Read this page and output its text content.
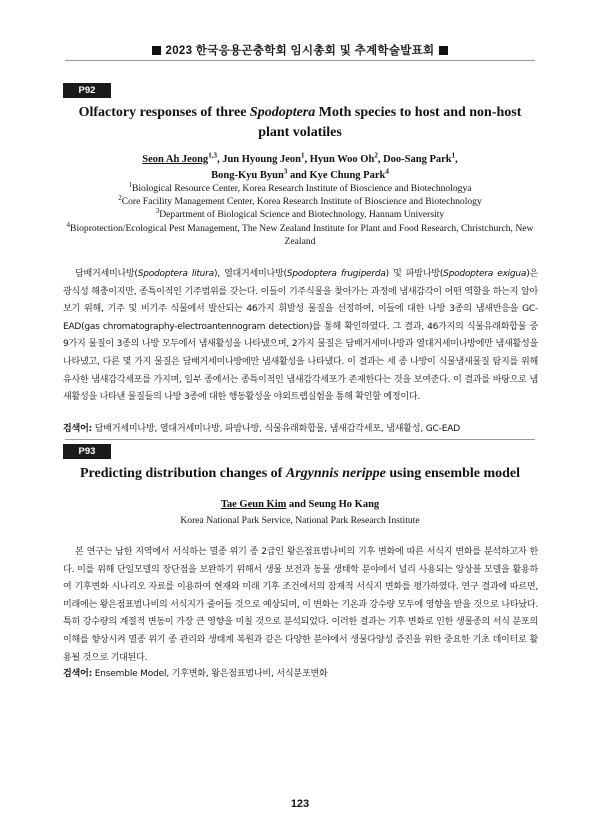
2023 한국응용곤충학회 임시총회 및 추계학술발표회
P92
Olfactory responses of three Spodoptera Moth species to host and non-host plant volatiles
Seon Ah Jeong$^{1,3}$, Jun Hyoung Jeon$^1$, Hyun Woo Oh$^2$, Doo-Sang Park$^1$,
Bong-Kyu Byun$^3$ and Kye Chung Park$^4$
$^1$Biological Resource Center, Korea Research Institute of Bioscience and Biotechnologya
$^2$Core Facility Management Center, Korea Research Institute of Bioscience and Biotechnology
$^3$Department of Biological Science and Biotechnology, Hannam University
$^4$Bioprotection/Ecological Pest Management, The New Zealand Institute for Plant and Food Research, Christchurch, New Zealand
담배거세미나방(Spodoptera litura), 열대거세미나방(Spodoptera frugiperda) 및 파밤나방(Spodoptera exigua)은 광식성 해충이지만, 종특이적인 기주범위를 갖는다. 이들이 기주식물을 찾아가는 과정에 냄새감각이 어떤 역할을 하는지 알아보기 위해, 기주 및 비기주 식물에서 발산되는 46가지 휘발성 물질을 선정하여, 이들에 대한 나방 3종의 냄새반응을 GC-EAD(gas chromatography-electroantennogram detection)를 통해 확인하였다. 그 결과, 46가지의 식물유래화합물 중 9가지 물질이 3종의 나방 모두에서 냄새활성을 나타냈으며, 2가지 물질은 담배거세미나방과 열대거세미나방에만 냄새활성을 나타냈고, 다른 몇 가지 물질은 담배거세미나방에만 냄새활성을 나타냈다. 이 결과는 세 종 나방이 식물냄새물질 탐지를 위해 유사한 냄새감각세포를 가지며, 일부 종에서는 종특이적인 냄새감각세포가 존재한다는 것을 보여준다. 이 결과를 바탕으로 냄새활성을 나타낸 물질들의 나방 3종에 대한 행동활성을 야외트랩실험을 통해 확인할 예정이다.
검색어: 담배거세미나방, 열대거세미나방, 파밤나방, 식물유래화합물, 냄새감각세포, 냄새활성, GC-EAD
P93
Predicting distribution changes of Argynnis nerippe using ensemble model
Tae Geun Kim and Seung Ho Kang
Korea National Park Service, National Park Research Institute
본 연구는 남한 지역에서 서식하는 멸종 위기 종 2급인 왕은점표범나비의 기후 변화에 따른 서식지 변화를 분석하고자 한다. 이를 위해 단일모델의 장단점을 보완하기 위해서 생물 보전과 동물 생태학 분야에서 널리 사용되는 앙상블 모델을 활용하여 기후변화 시나리오 자료를 이용하여 현재와 미래 기후 조건에서의 잠재적 서식지 변화를 평가하였다. 연구 결과에 따르면, 미래에는 왕은점표범나비의 서식지가 줄어들 것으로 예상되며, 이 변화는 기온과 강수량 모두에 영향을 받을 것으로 나타났다. 특히 강수량의 계절적 변동이 가장 큰 영향을 미칠 것으로 분석되었다. 이러한 결과는 기후 변화로 인한 생물종의 서식 분포의 이해를 향상시켜 멸종 위기 종 관리와 생태계 복원과 같은 다양한 분야에서 생물다양성 증진을 위한 중요한 기초 데이터로 활용될 것으로 기대된다.
검색어: Ensemble Model, 기후변화, 왕은점표범나비, 서식분포변화
123
